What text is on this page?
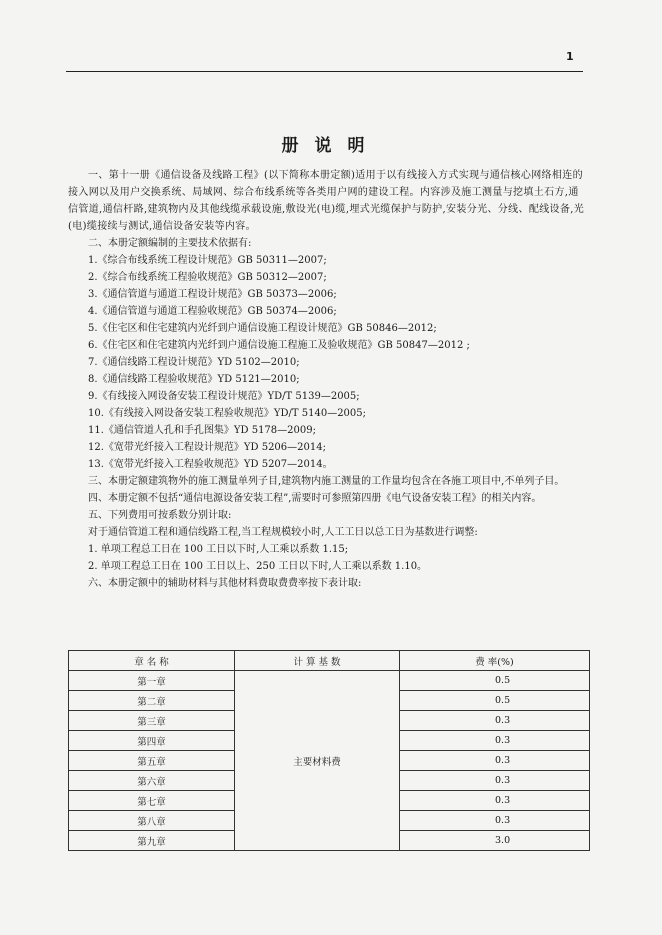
1
册说明

一、第十一册《通信设备及线路工程》(以下简称本册定额)适用于以有线接入方式实现与通信核心网络相连的接入网以及用户交换系统、局域网、综合布线系统等各类用户网的建设工程。内容涉及施工测量与挖填土石方,通信管道,通信杆路,建筑物内及其他线缆承载设施,敷设光(电)缆,埋式光缆保护与防护,安装分光、分线、配线设备,光(电)缆接续与测试,通信设备安装等内容。

二、本册定额编制的主要技术依据有:

1.《综合布线系统工程设计规范》GB 50311—2007;

2.《综合布线系统工程验收规范》GB 50312—2007;

3.《通信管道与通道工程设计规范》GB 50373—2006;

4.《通信管道与通道工程验收规范》GB 50374—2006;

5.《住宅区和住宅建筑内光纤到户通信设施工程设计规范》GB 50846—2012;

6.《住宅区和住宅建筑内光纤到户通信设施工程施工及验收规范》GB 50847—2012 ;

7.《通信线路工程设计规范》YD 5102—2010;

8.《通信线路工程验收规范》YD 5121—2010;

9.《有线接入网设备安装工程设计规范》YD/T 5139—2005;

10.《有线接入网设备安装工程验收规范》YD/T 5140—2005;

11.《通信管道人孔和手孔图集》YD 5178—2009;

12.《宽带光纤接入工程设计规范》YD 5206—2014;

13.《宽带光纤接入工程验收规范》YD 5207—2014。

三、本册定额建筑物外的施工测量单列子目,建筑物内施工测量的工作量均包含在各施工项目中,不单列子目。

四、本册定额不包括“通信电源设备安装工程”,需要时可参照第四册《电气设备安装工程》的相关内容。

五、下列费用可按系数分别计取:

对于通信管道工程和通信线路工程,当工程规模较小时,人工工日以总工日为基数进行调整:

1. 单项工程总工日在 100 工日以下时,人工乘以系数 1.15;

2. 单项工程总工日在 100 工日以上、250 工日以下时,人工乘以系数 1.10。

六、本册定额中的辅助材料与其他材料费取费费率按下表计取:

章 名 称	计 算 基 数	费 率(%)
第一章	主要材料费	0.5
第二章		0.5
第三章		0.3
第四章		0.3
第五章		0.3
第六章		0.3
第七章		0.3
第八章		0.3
第九章		3.0
